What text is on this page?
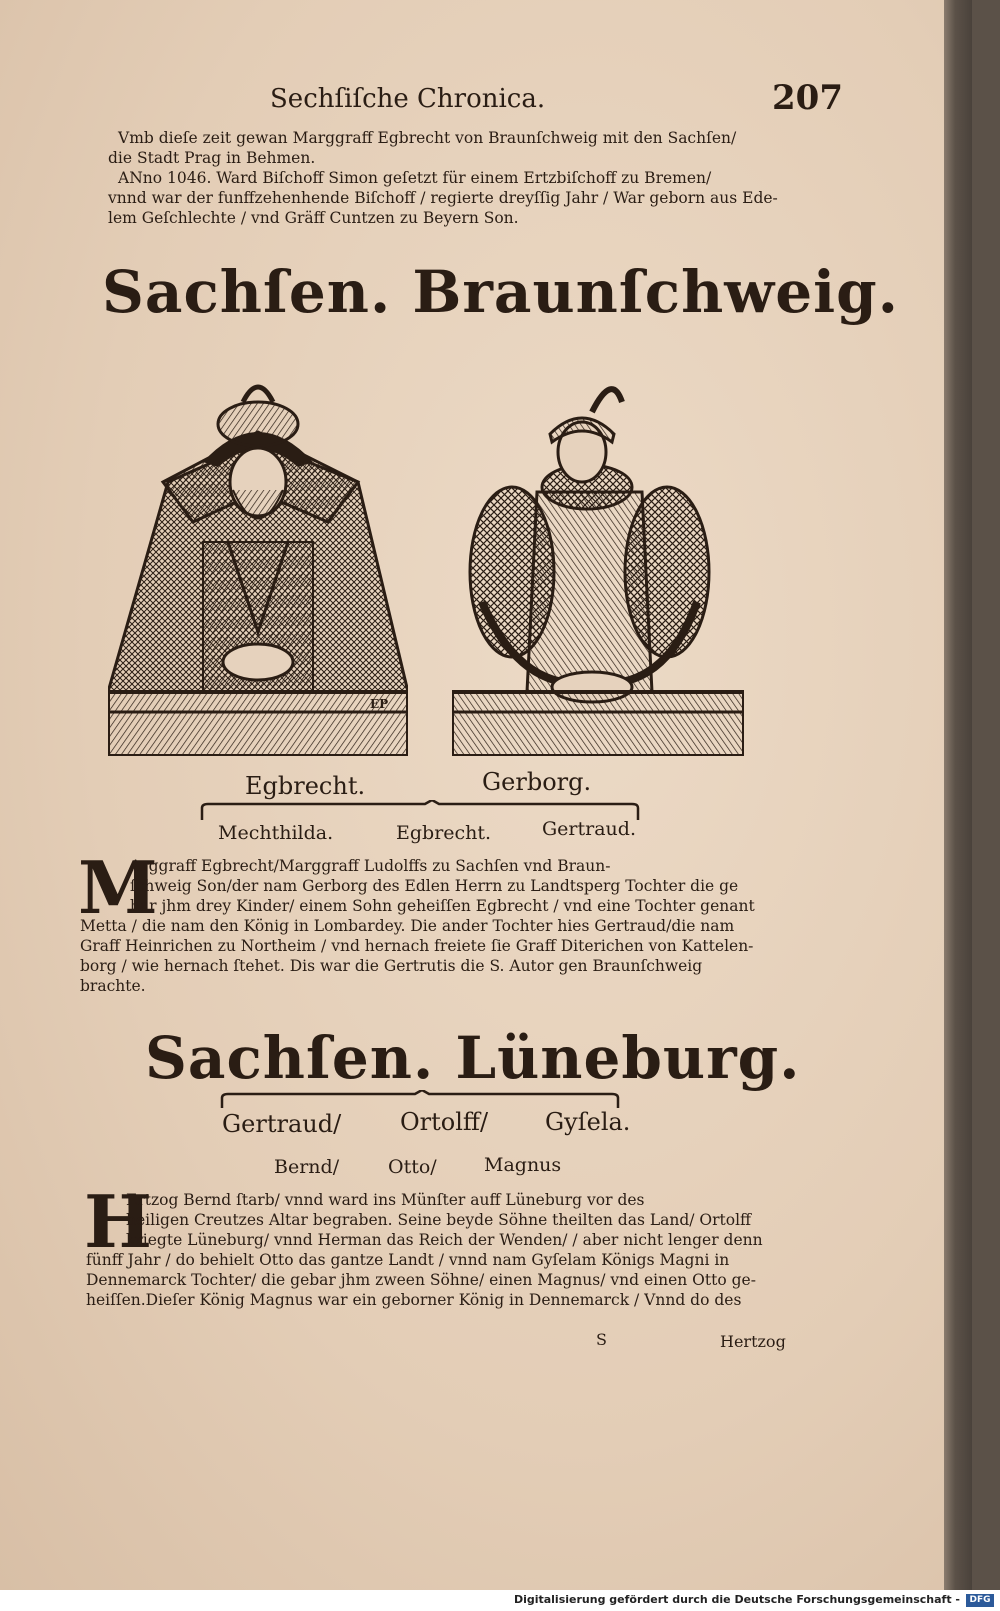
Sechſiſche Chronica.	207
Vmb dieſe zeit gewan Marggraff Egbrecht von Braunſchweig mit den Sachſen/
die Stadt Prag in Behmen.
ANno 1046. Ward Biſchoff Simon geſetzt für einem Ertzbiſchoff zu Bremen/
vnnd war der funffzehenhende Biſchoff / regierte dreyſſig Jahr / War geborn aus Ede-
lem Geſchlechte / vnd Gräff Cuntzen zu Beyern Son.
Sachſen. Braunſchweig.
EP
Egbrecht.	Gerborg.
Mechthilda.	Egbrecht.	Gertraud.
M
Arggraff Egbrecht/Marggraff Ludolffs zu Sachſen vnd Braun-
ſchweig Son/der nam Gerborg des Edlen Herrn zu Landtsperg Tochter die ge
bar jhm drey Kinder/ einem Sohn geheiſſen Egbrecht / vnd eine Tochter genant
Metta / die nam den König in Lombardey. Die ander Tochter hies Gertraud/die nam
Graff Heinrichen zu Northeim / vnd hernach freiete ſie Graff Diterichen von Kattelen-
borg / wie hernach ſtehet. Dis war die Gertrutis die S. Autor gen Braunſchweig
brachte.
Sachſen. Lüneburg.
Gertraud/ Ortolff/ Gyſela.
Bernd/	Otto/ Magnus
H
Ertzog Bernd ſtarb/ vnnd ward ins Münſter auff Lüneburg vor des
heiligen Creutzes Altar begraben. Seine beyde Söhne theilten das Land/ Ortolff
kriegte Lüneburg/ vnnd Herman das Reich der Wenden/ / aber nicht lenger denn
fünff Jahr / do behielt Otto das gantze Landt / vnnd nam Gyſelam Königs Magni in
Dennemarck Tochter/ die gebar jhm zween Söhne/ einen Magnus/ vnd einen Otto ge-
heiſſen.Dieſer König Magnus war ein geborner König in Dennemarck / Vnnd do des
S	Hertzog
Digitalisierung gefördert durch die Deutsche Forschungsgemeinschaft -	DFG
